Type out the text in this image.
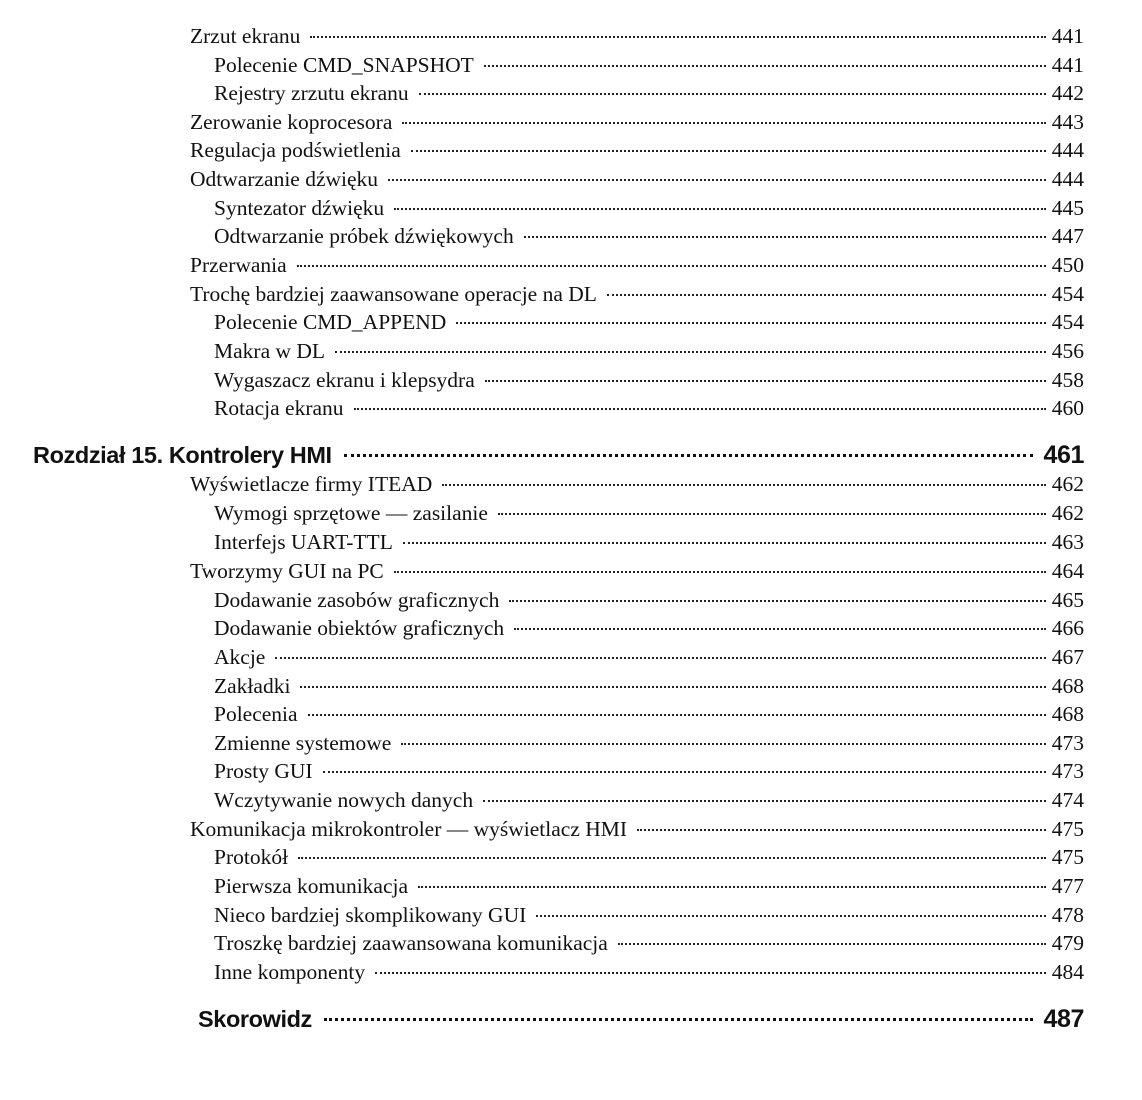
Zrzut ekranu	441
Polecenie CMD_SNAPSHOT	441
Rejestry zrzutu ekranu	442
Zerowanie koprocesora	443
Regulacja podświetlenia	444
Odtwarzanie dźwięku	444
Syntezator dźwięku	445
Odtwarzanie próbek dźwiękowych	447
Przerwania	450
Trochę bardziej zaawansowane operacje na DL	454
Polecenie CMD_APPEND	454
Makra w DL	456
Wygaszacz ekranu i klepsydra	458
Rotacja ekranu	460
Rozdział 15. Kontrolery HMI	461
Wyświetlacze firmy ITEAD	462
Wymogi sprzętowe — zasilanie	462
Interfejs UART-TTL	463
Tworzymy GUI na PC	464
Dodawanie zasobów graficznych	465
Dodawanie obiektów graficznych	466
Akcje	467
Zakładki	468
Polecenia	468
Zmienne systemowe	473
Prosty GUI	473
Wczytywanie nowych danych	474
Komunikacja mikrokontroler — wyświetlacz HMI	475
Protokół	475
Pierwsza komunikacja	477
Nieco bardziej skomplikowany GUI	478
Troszkę bardziej zaawansowana komunikacja	479
Inne komponenty	484
Skorowidz	487
